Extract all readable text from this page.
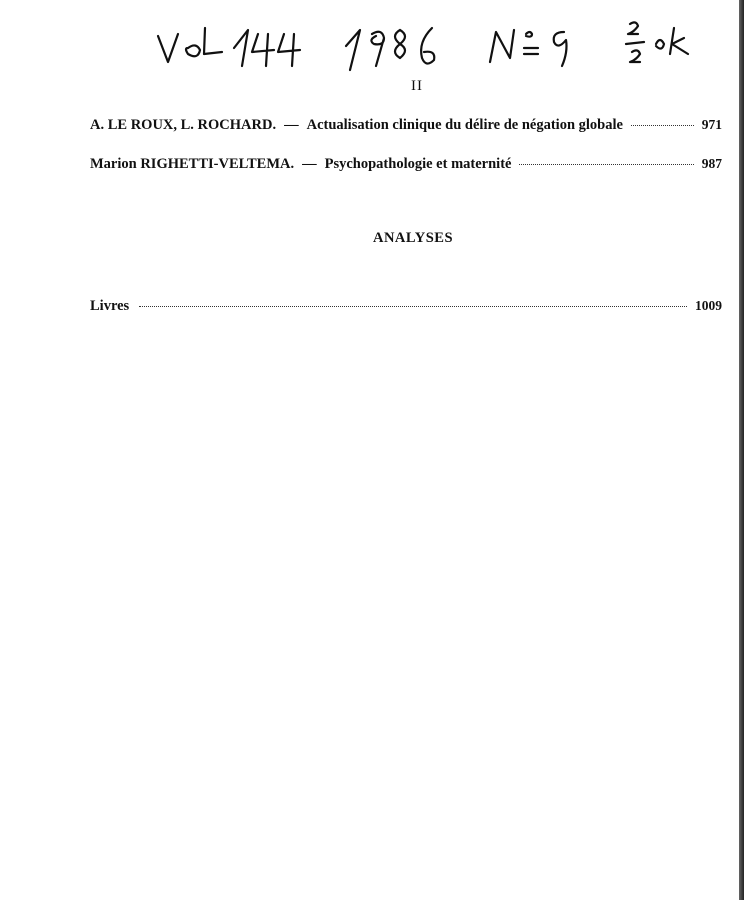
II
A. LE ROUX, L. ROCHARD. — Actualisation clinique du délire de négation globale	971
Marion RIGHETTI-VELTEMA. — Psychopathologie et maternité	987
ANALYSES
Livres	1009
